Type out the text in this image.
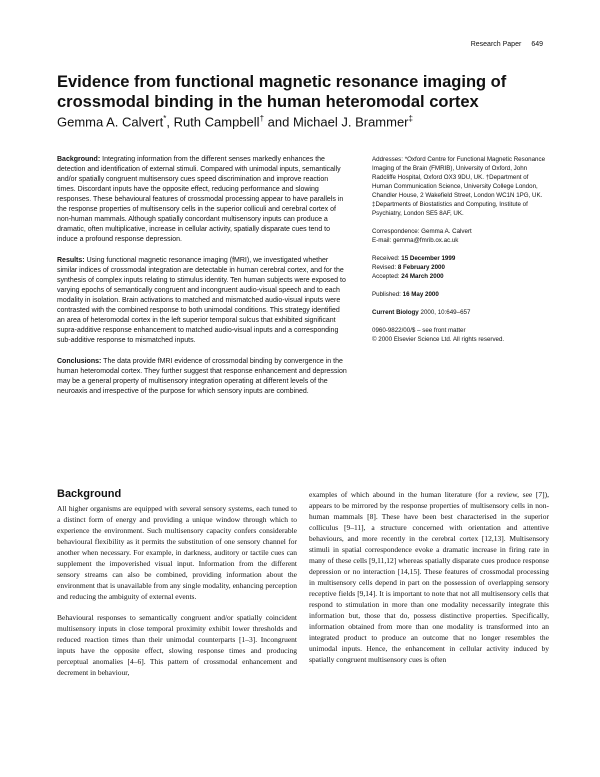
Research Paper 649
Evidence from functional magnetic resonance imaging of crossmodal binding in the human heteromodal cortex
Gemma A. Calvert*, Ruth Campbell† and Michael J. Brammer‡

Background: Integrating information from the different senses markedly enhances the detection and identification of external stimuli. Compared with unimodal inputs, semantically and/or spatially congruent multisensory cues speed discrimination and improve reaction times. Discordant inputs have the opposite effect, reducing performance and slowing responses. These behavioural features of crossmodal processing appear to have parallels in the response properties of multisensory cells in the superior colliculi and cerebral cortex of non-human mammals. Although spatially concordant multisensory inputs can produce a dramatic, often multiplicative, increase in cellular activity, spatially disparate cues tend to induce a profound response depression.

Results: Using functional magnetic resonance imaging (fMRI), we investigated whether similar indices of crossmodal integration are detectable in human cerebral cortex, and for the synthesis of complex inputs relating to stimulus identity. Ten human subjects were exposed to varying epochs of semantically congruent and incongruent audio-visual speech and to each modality in isolation. Brain activations to matched and mismatched audio-visual inputs were contrasted with the combined response to both unimodal conditions. This strategy identified an area of heteromodal cortex in the left superior temporal sulcus that exhibited significant supra-additive response enhancement to matched audio-visual inputs and a corresponding sub-additive response to mismatched inputs.

Conclusions: The data provide fMRI evidence of crossmodal binding by convergence in the human heteromodal cortex. They further suggest that response enhancement and depression may be a general property of multisensory integration operating at different levels of the neuroaxis and irrespective of the purpose for which sensory inputs are combined.

Addresses: *Oxford Centre for Functional Magnetic Resonance Imaging of the Brain (FMRIB), University of Oxford, John Radcliffe Hospital, Oxford OX3 9DU, UK. †Department of Human Communication Science, University College London, Chandler House, 2 Wakefield Street, London WC1N 1PG, UK. ‡Departments of Biostatistics and Computing, Institute of Psychiatry, London SE5 8AF, UK.

Correspondence: Gemma A. Calvert

E-mail: gemma@fmrib.ox.ac.uk

Received: 15 December 1999

Revised: 8 February 2000

Accepted: 24 March 2000

Published: 16 May 2000

Current Biology 2000, 10:649–657

0960-9822/00/$ – see front matter

© 2000 Elsevier Science Ltd. All rights reserved.

Background

All higher organisms are equipped with several sensory systems, each tuned to a distinct form of energy and providing a unique window through which to experience the environment. Such multisensory capacity confers considerable behavioural flexibility as it permits the substitution of one sensory channel for another when necessary. For example, in darkness, auditory or tactile cues can supplement the impoverished visual input. Information from the different sensory streams can also be combined, providing information about the environment that is unavailable from any single modality, enhancing perception and reducing the ambiguity of external events.

Behavioural responses to semantically congruent and/or spatially coincident multisensory inputs in close temporal proximity exhibit lower thresholds and reduced reaction times than their unimodal counterparts [1–3]. Incongruent inputs have the opposite effect, slowing response times and producing perceptual anomalies [4–6]. This pattern of crossmodal enhancement and decrement in behaviour,

examples of which abound in the human literature (for a review, see [7]), appears to be mirrored by the response properties of multisensory cells in non-human mammals [8]. These have been best characterised in the superior colliculus [9–11], a structure concerned with orientation and attentive behaviours, and more recently in the cerebral cortex [12,13]. Multisensory stimuli in spatial correspondence evoke a dramatic increase in firing rate in many of these cells [9,11,12] whereas spatially disparate cues produce response depression or no interaction [14,15]. These features of crossmodal processing in multisensory cells depend in part on the possession of overlapping sensory receptive fields [9,14]. It is important to note that not all multisensory cells that respond to stimulation in more than one modality necessarily integrate this information but, those that do, possess distinctive properties. Specifically, information obtained from more than one modality is transformed into an integrated product to produce an outcome that no longer resembles the unimodal inputs. Hence, the enhancement in cellular activity induced by spatially congruent multisensory cues is often
